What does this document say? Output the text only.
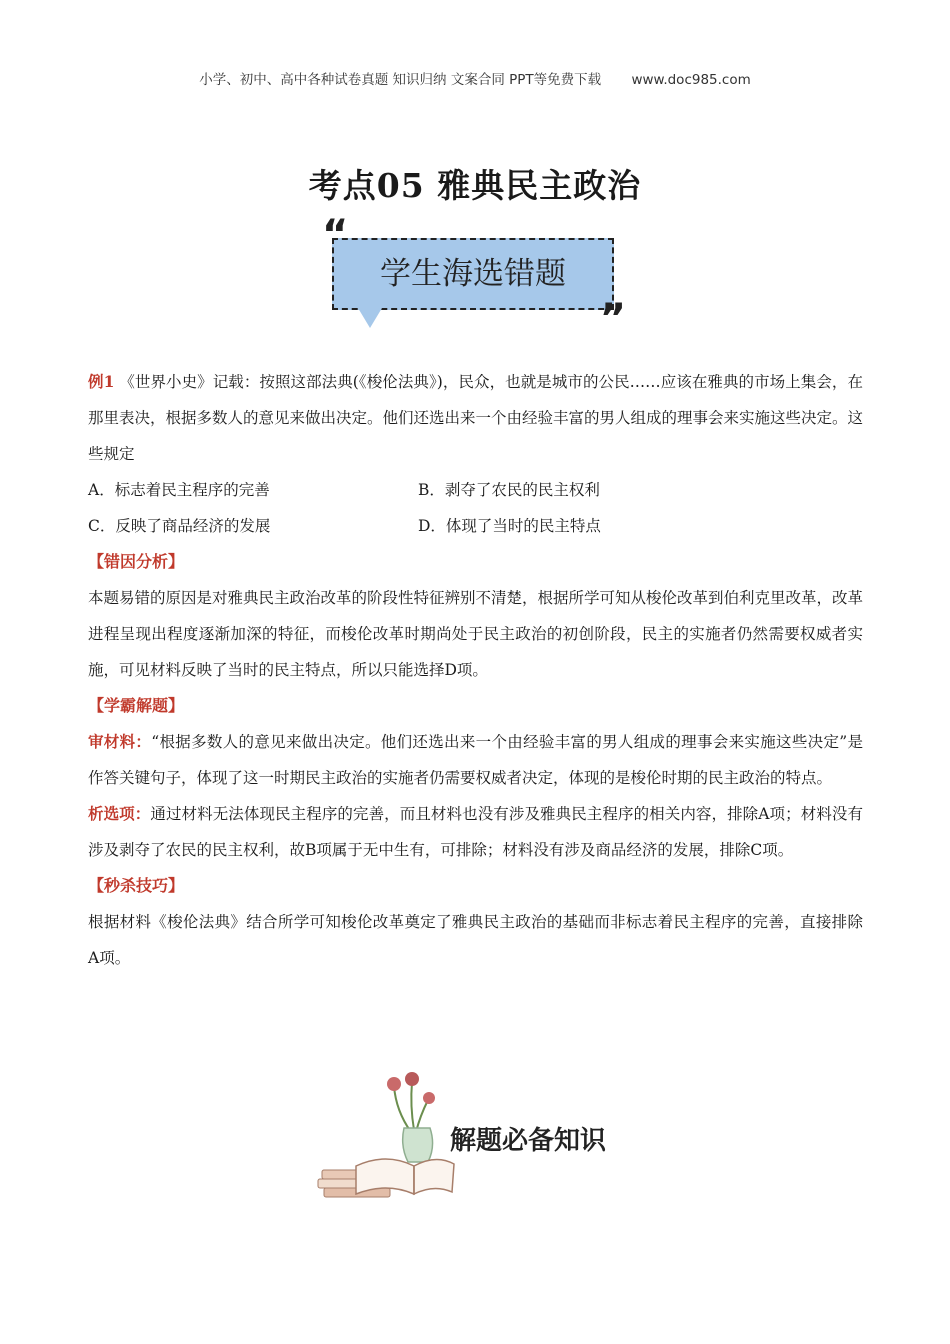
小学、初中、高中各种试卷真题 知识归纳 文案合同 PPT等免费下载 www.doc985.com
考点05 雅典民主政治
“
”
学生海选错题

例1 《世界小史》记载：按照这部法典(《梭伦法典》)，民众，也就是城市的公民……应该在雅典的市场上集会，在那里表决，根据多数人的意见来做出决定。他们还选出来一个由经验丰富的男人组成的理事会来实施这些决定。这些规定

A．标志着民主程序的完善	B．剥夺了农民的民主权利
C．反映了商品经济的发展	D．体现了当时的民主特点
【错因分析】

本题易错的原因是对雅典民主政治改革的阶段性特征辨别不清楚，根据所学可知从梭伦改革到伯利克里改革，改革进程呈现出程度逐渐加深的特征，而梭伦改革时期尚处于民主政治的初创阶段，民主的实施者仍然需要权威者实施，可见材料反映了当时的民主特点，所以只能选择D项。

【学霸解题】

审材料：“根据多数人的意见来做出决定。他们还选出来一个由经验丰富的男人组成的理事会来实施这些决定”是作答关键句子，体现了这一时期民主政治的实施者仍需要权威者决定，体现的是梭伦时期的民主政治的特点。

析选项：通过材料无法体现民主程序的完善，而且材料也没有涉及雅典民主程序的相关内容，排除A项；材料没有涉及剥夺了农民的民主权利，故B项属于无中生有，可排除；材料没有涉及商品经济的发展，排除C项。

【秒杀技巧】

根据材料《梭伦法典》结合所学可知梭伦改革奠定了雅典民主政治的基础而非标志着民主程序的完善，直接排除 A项。

解题必备知识
